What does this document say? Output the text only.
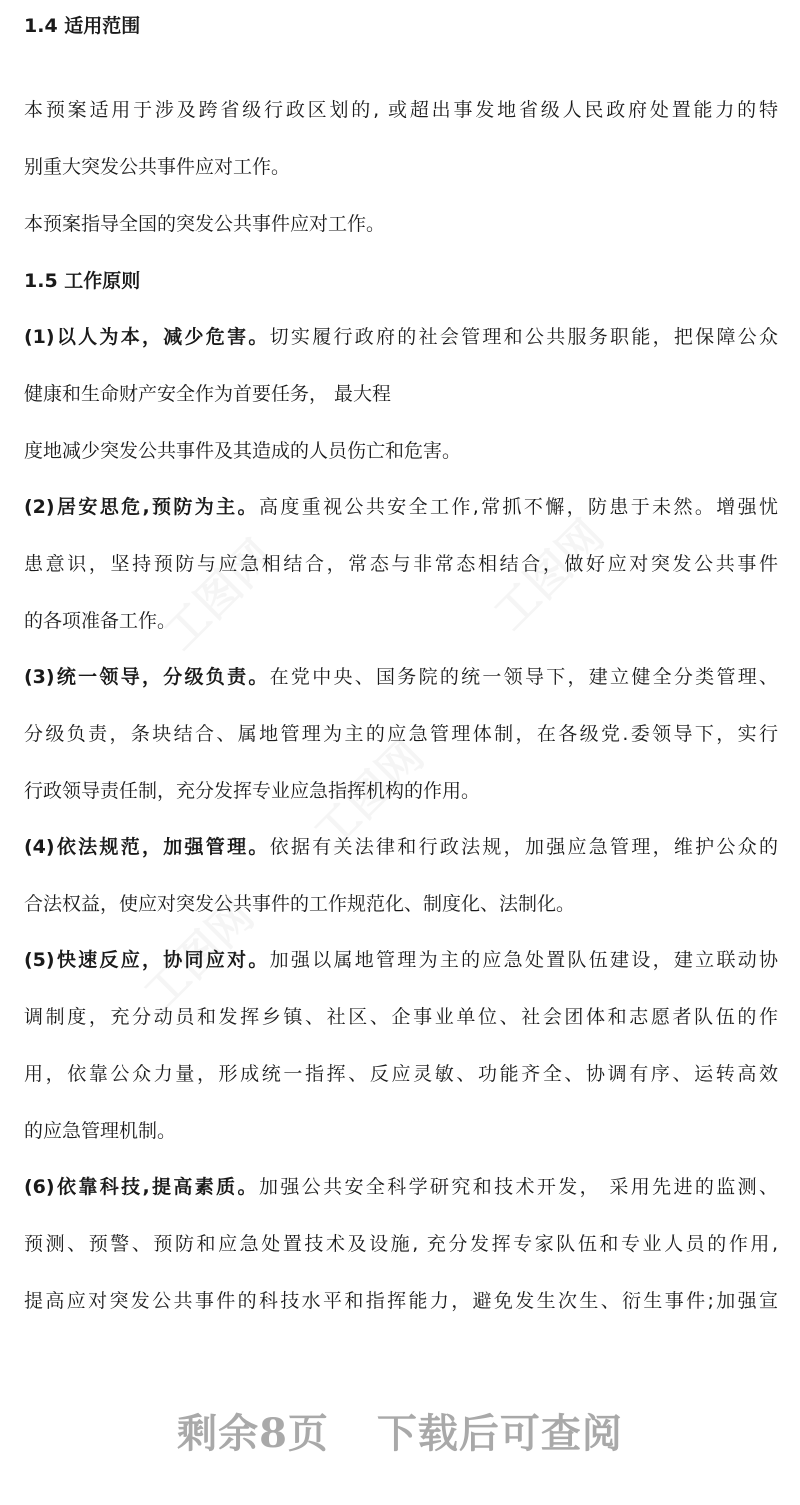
1.4 适用范围
本预案适用于涉及跨省级行政区划的, 或超出事发地省级人民政府处置能力的特
别重大突发公共事件应对工作。
本预案指导全国的突发公共事件应对工作。
1.5 工作原则
(1)以人为本，减少危害。切实履行政府的社会管理和公共服务职能，把保障公众
健康和生命财产安全作为首要任务， 最大程
度地减少突发公共事件及其造成的人员伤亡和危害。
(2)居安思危,预防为主。高度重视公共安全工作,常抓不懈，防患于未然。增强忧
患意识，坚持预防与应急相结合，常态与非常态相结合，做好应对突发公共事件
的各项准备工作。
(3)统一领导，分级负责。在党中央、国务院的统一领导下，建立健全分类管理、
分级负责，条块结合、属地管理为主的应急管理体制，在各级党.委领导下，实行
行政领导责任制，充分发挥专业应急指挥机构的作用。
(4)依法规范，加强管理。依据有关法律和行政法规，加强应急管理，维护公众的
合法权益，使应对突发公共事件的工作规范化、制度化、法制化。
(5)快速反应，协同应对。加强以属地管理为主的应急处置队伍建设，建立联动协
调制度，充分动员和发挥乡镇、社区、企事业单位、社会团体和志愿者队伍的作
用，依靠公众力量，形成统一指挥、反应灵敏、功能齐全、协调有序、运转高效
的应急管理机制。
(6)依靠科技,提高素质。加强公共安全科学研究和技术开发， 采用先进的监测、
预测、预警、预防和应急处置技术及设施, 充分发挥专家队伍和专业人员的作用,
提高应对突发公共事件的科技水平和指挥能力，避免发生次生、衍生事件;加强宣
剩余8页 下载后可查阅
